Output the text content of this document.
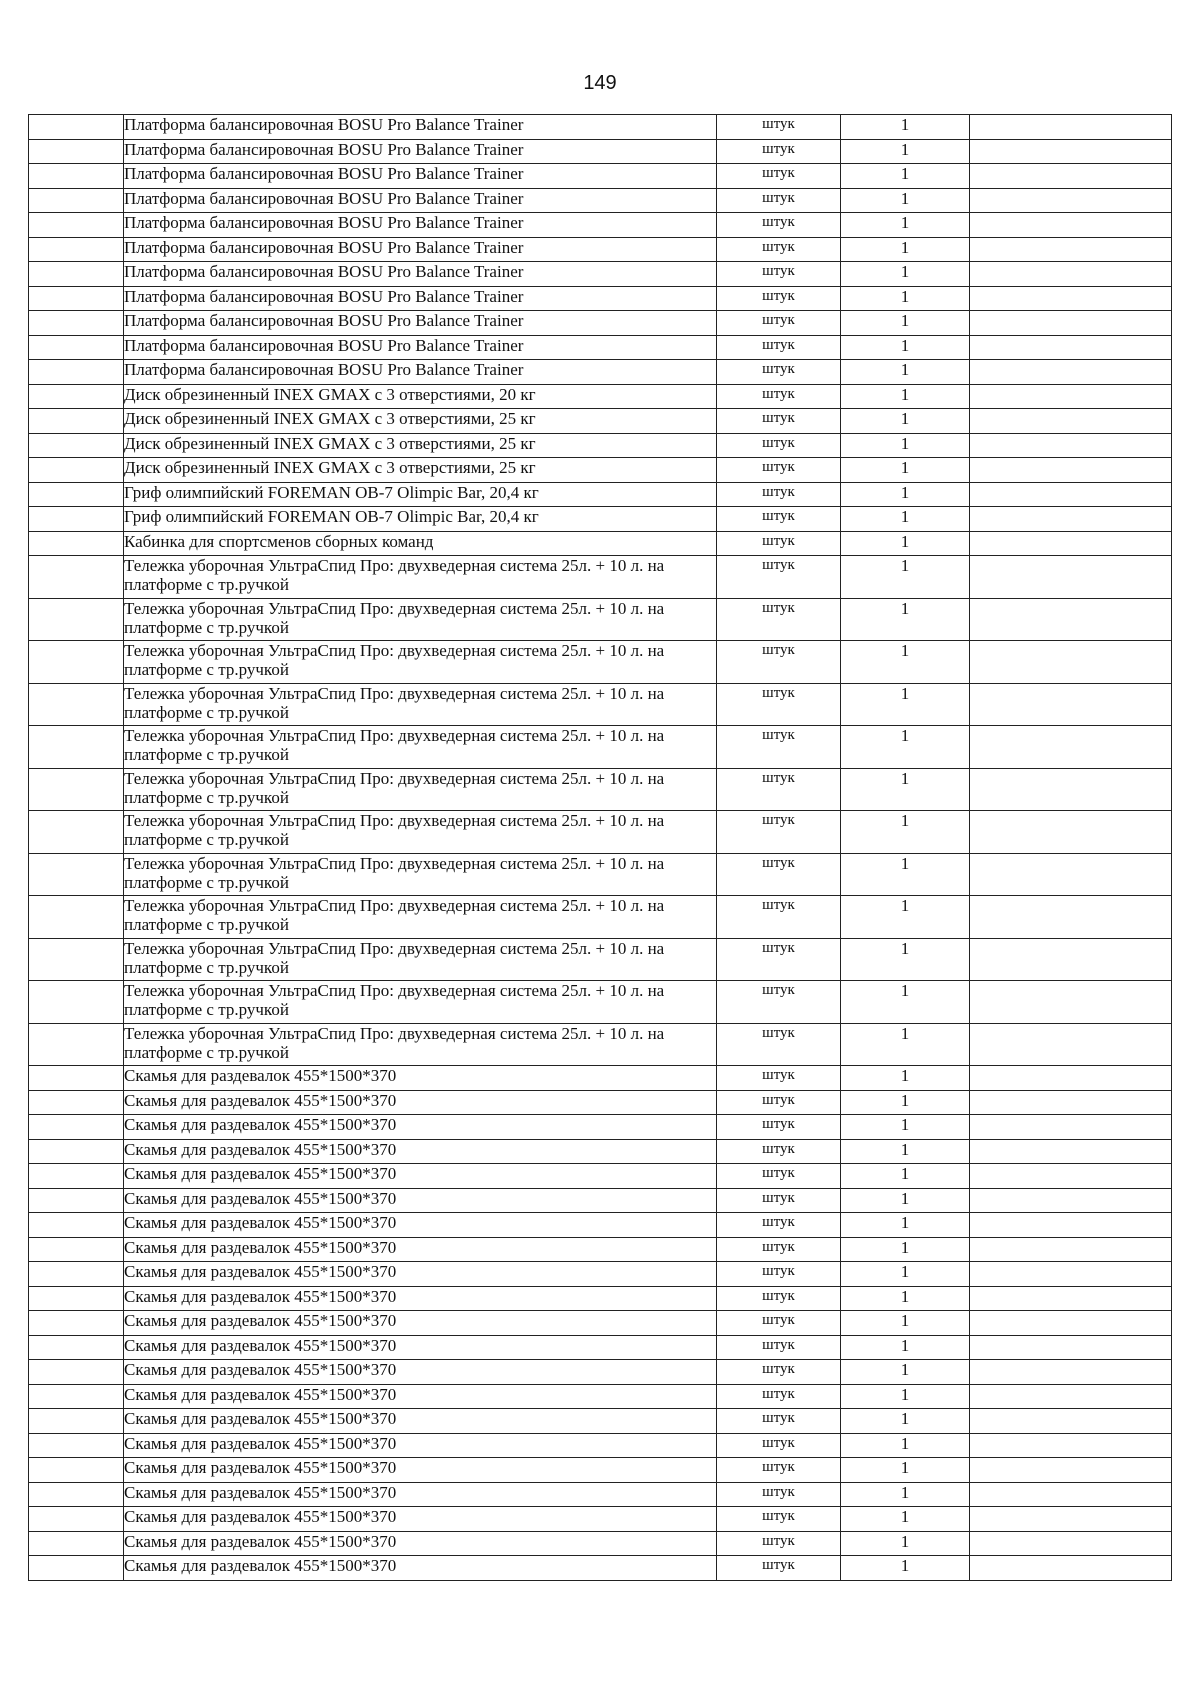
149
	Платформа балансировочная BOSU Pro Balance Trainer	штук	1	
	Платформа балансировочная BOSU Pro Balance Trainer	штук	1	
	Платформа балансировочная BOSU Pro Balance Trainer	штук	1	
	Платформа балансировочная BOSU Pro Balance Trainer	штук	1	
	Платформа балансировочная BOSU Pro Balance Trainer	штук	1	
	Платформа балансировочная BOSU Pro Balance Trainer	штук	1	
	Платформа балансировочная BOSU Pro Balance Trainer	штук	1	
	Платформа балансировочная BOSU Pro Balance Trainer	штук	1	
	Платформа балансировочная BOSU Pro Balance Trainer	штук	1	
	Платформа балансировочная BOSU Pro Balance Trainer	штук	1	
	Платформа балансировочная BOSU Pro Balance Trainer	штук	1	
	Диск обрезиненный INEX GMAX с 3 отверстиями, 20 кг	штук	1	
	Диск обрезиненный INEX GMAX с 3 отверстиями, 25 кг	штук	1	
	Диск обрезиненный INEX GMAX с 3 отверстиями, 25 кг	штук	1	
	Диск обрезиненный INEX GMAX с 3 отверстиями, 25 кг	штук	1	
	Гриф олимпийский FOREMAN OB-7 Olimpic Bar, 20,4 кг	штук	1	
	Гриф олимпийский FOREMAN OB-7 Olimpic Bar, 20,4 кг	штук	1	
	Кабинка для спортсменов сборных команд	штук	1	
	Тележка уборочная УльтраСпид Про: двухведерная система 25л. + 10 л. на платформе с тр.ручкой	штук	1	
	Тележка уборочная УльтраСпид Про: двухведерная система 25л. + 10 л. на платформе с тр.ручкой	штук	1	
	Тележка уборочная УльтраСпид Про: двухведерная система 25л. + 10 л. на платформе с тр.ручкой	штук	1	
	Тележка уборочная УльтраСпид Про: двухведерная система 25л. + 10 л. на платформе с тр.ручкой	штук	1	
	Тележка уборочная УльтраСпид Про: двухведерная система 25л. + 10 л. на платформе с тр.ручкой	штук	1	
	Тележка уборочная УльтраСпид Про: двухведерная система 25л. + 10 л. на платформе с тр.ручкой	штук	1	
	Тележка уборочная УльтраСпид Про: двухведерная система 25л. + 10 л. на платформе с тр.ручкой	штук	1	
	Тележка уборочная УльтраСпид Про: двухведерная система 25л. + 10 л. на платформе с тр.ручкой	штук	1	
	Тележка уборочная УльтраСпид Про: двухведерная система 25л. + 10 л. на платформе с тр.ручкой	штук	1	
	Тележка уборочная УльтраСпид Про: двухведерная система 25л. + 10 л. на платформе с тр.ручкой	штук	1	
	Тележка уборочная УльтраСпид Про: двухведерная система 25л. + 10 л. на платформе с тр.ручкой	штук	1	
	Тележка уборочная УльтраСпид Про: двухведерная система 25л. + 10 л. на платформе с тр.ручкой	штук	1	
	Скамья для раздевалок 455*1500*370	штук	1	
	Скамья для раздевалок 455*1500*370	штук	1	
	Скамья для раздевалок 455*1500*370	штук	1	
	Скамья для раздевалок 455*1500*370	штук	1	
	Скамья для раздевалок 455*1500*370	штук	1	
	Скамья для раздевалок 455*1500*370	штук	1	
	Скамья для раздевалок 455*1500*370	штук	1	
	Скамья для раздевалок 455*1500*370	штук	1	
	Скамья для раздевалок 455*1500*370	штук	1	
	Скамья для раздевалок 455*1500*370	штук	1	
	Скамья для раздевалок 455*1500*370	штук	1	
	Скамья для раздевалок 455*1500*370	штук	1	
	Скамья для раздевалок 455*1500*370	штук	1	
	Скамья для раздевалок 455*1500*370	штук	1	
	Скамья для раздевалок 455*1500*370	штук	1	
	Скамья для раздевалок 455*1500*370	штук	1	
	Скамья для раздевалок 455*1500*370	штук	1	
	Скамья для раздевалок 455*1500*370	штук	1	
	Скамья для раздевалок 455*1500*370	штук	1	
	Скамья для раздевалок 455*1500*370	штук	1	
	Скамья для раздевалок 455*1500*370	штук	1	
